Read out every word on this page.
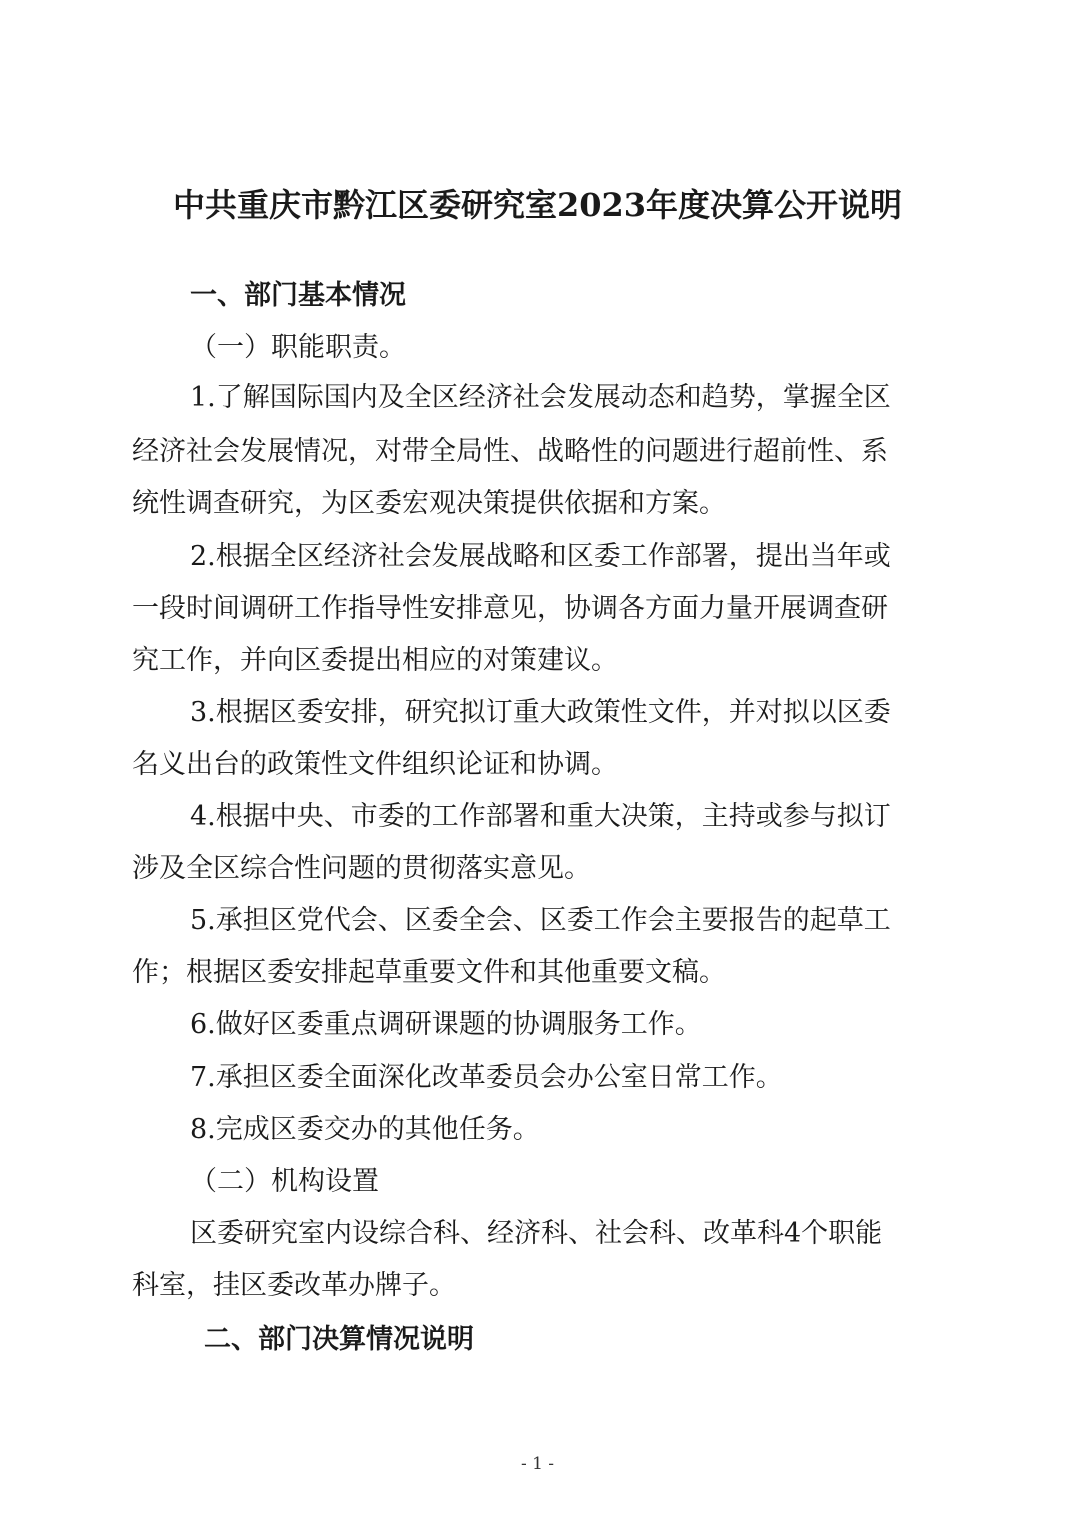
中共重庆市黔江区委研究室2023年度决算公开说明
一、部门基本情况
（一）职能职责。
1.了解国际国内及全区经济社会发展动态和趋势，掌握全区
经济社会发展情况，对带全局性、战略性的问题进行超前性、系
统性调查研究，为区委宏观决策提供依据和方案。
2.根据全区经济社会发展战略和区委工作部署，提出当年或
一段时间调研工作指导性安排意见，协调各方面力量开展调查研
究工作，并向区委提出相应的对策建议。
3.根据区委安排，研究拟订重大政策性文件，并对拟以区委
名义出台的政策性文件组织论证和协调。
4.根据中央、市委的工作部署和重大决策，主持或参与拟订
涉及全区综合性问题的贯彻落实意见。
5.承担区党代会、区委全会、区委工作会主要报告的起草工
作；根据区委安排起草重要文件和其他重要文稿。
6.做好区委重点调研课题的协调服务工作。
7.承担区委全面深化改革委员会办公室日常工作。
8.完成区委交办的其他任务。
（二）机构设置
区委研究室内设综合科、经济科、社会科、改革科4个职能
科室，挂区委改革办牌子。
二、部门决算情况说明
- 1 -
